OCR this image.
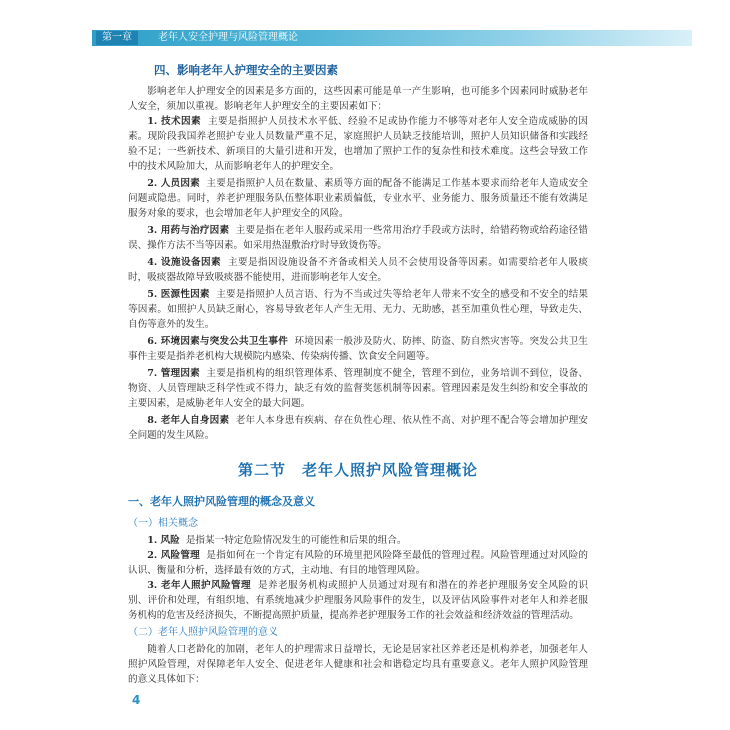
第一章	老年人安全护理与风险管理概论
四、影响老年人护理安全的主要因素

影响老年人护理安全的因素是多方面的，这些因素可能是单一产生影响，也可能多个因素同时威胁老年人安全，须加以重视。影响老年人护理安全的主要因素如下：

1. 技术因素 主要是指照护人员技术水平低、经验不足或协作能力不够等对老年人安全造成威胁的因素。现阶段我国养老照护专业人员数量严重不足，家庭照护人员缺乏技能培训，照护人员知识储备和实践经验不足；一些新技术、新项目的大量引进和开发，也增加了照护工作的复杂性和技术难度。这些会导致工作中的技术风险加大，从而影响老年人的护理安全。

2. 人员因素 主要是指照护人员在数量、素质等方面的配备不能满足工作基本要求而给老年人造成安全问题或隐患。同时，养老护理服务队伍整体职业素质偏低，专业水平、业务能力、服务质量还不能有效满足服务对象的要求，也会增加老年人护理安全的风险。

3. 用药与治疗因素 主要是指在老年人服药或采用一些常用治疗手段或方法时，给错药物或给药途径错误、操作方法不当等因素。如采用热湿敷治疗时导致烫伤等。

4. 设施设备因素 主要是指因设施设备不齐备或相关人员不会使用设备等因素。如需要给老年人吸痰时，吸痰器故障导致吸痰器不能使用，进而影响老年人安全。

5. 医源性因素 主要是指照护人员言语、行为不当或过失等给老年人带来不安全的感受和不安全的结果等因素。如照护人员缺乏耐心，容易导致老年人产生无用、无力、无助感，甚至加重负性心理，导致走失、自伤等意外的发生。

6. 环境因素与突发公共卫生事件 环境因素一般涉及防火、防摔、防盗、防自然灾害等。突发公共卫生事件主要是指养老机构大规模院内感染、传染病传播、饮食安全问题等。

7. 管理因素 主要是指机构的组织管理体系、管理制度不健全，管理不到位，业务培训不到位，设备、物资、人员管理缺乏科学性或不得力，缺乏有效的监督奖惩机制等因素。管理因素是发生纠纷和安全事故的主要因素，是威胁老年人安全的最大问题。

8. 老年人自身因素 老年人本身患有疾病、存在负性心理、依从性不高、对护理不配合等会增加护理安全问题的发生风险。

第二节 老年人照护风险管理概论
一、老年人照护风险管理的概念及意义
（一）相关概念

1. 风险 是指某一特定危险情况发生的可能性和后果的组合。

2. 风险管理 是指如何在一个肯定有风险的环境里把风险降至最低的管理过程。风险管理通过对风险的认识、衡量和分析，选择最有效的方式，主动地、有目的地管理风险。

3. 老年人照护风险管理 是养老服务机构或照护人员通过对现有和潜在的养老护理服务安全风险的识别、评价和处理，有组织地、有系统地减少护理服务风险事件的发生，以及评估风险事件对老年人和养老服务机构的危害及经济损失，不断提高照护质量，提高养老护理服务工作的社会效益和经济效益的管理活动。

（二）老年人照护风险管理的意义

随着人口老龄化的加剧，老年人的护理需求日益增长，无论是居家社区养老还是机构养老，加强老年人照护风险管理，对保障老年人安全、促进老年人健康和社会和谐稳定均具有重要意义。老年人照护风险管理的意义具体如下：

4
